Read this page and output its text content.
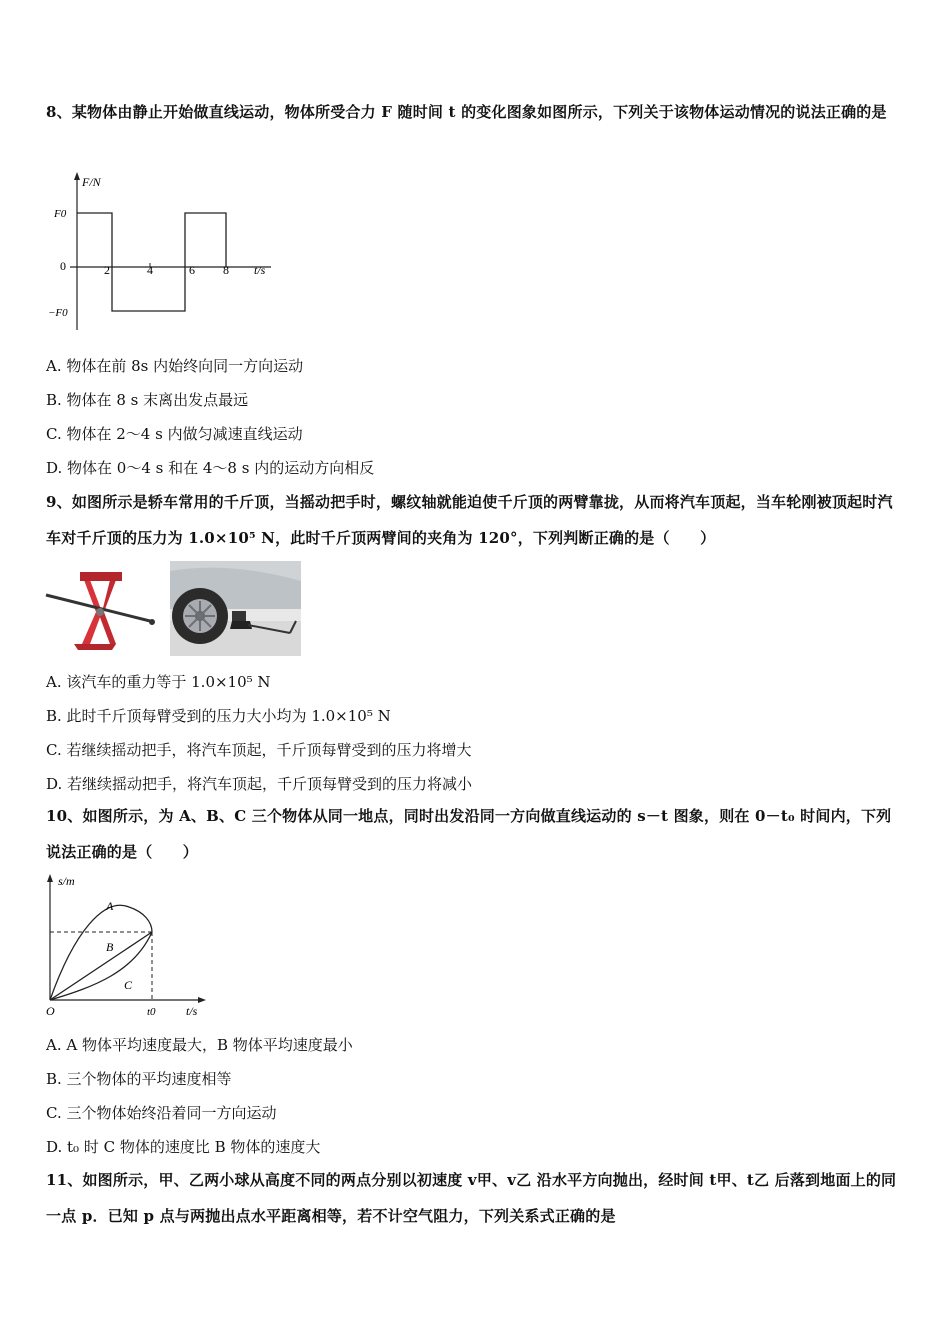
8、某物体由静止开始做直线运动，物体所受合力 F 随时间 t 的变化图象如图所示，下列关于该物体运动情况的说法正确的是
F/N
F0
0
−F0
2	4	6 8 t/s
A. 物体在前 8s 内始终向同一方向运动
B. 物体在 8 s 末离出发点最远
C. 物体在 2～4 s 内做匀减速直线运动
D. 物体在 0～4 s 和在 4～8 s 内的运动方向相反
9、如图所示是轿车常用的千斤顶，当摇动把手时，螺纹轴就能迫使千斤顶的两臂靠拢，从而将汽车顶起，当车轮刚被顶起时汽车对千斤顶的压力为 1.0×10⁵ N，此时千斤顶两臂间的夹角为 120°，下列判断正确的是（　　）
A. 该汽车的重力等于 1.0×10⁵ N
B. 此时千斤顶每臂受到的压力大小均为 1.0×10⁵ N
C. 若继续摇动把手，将汽车顶起，千斤顶每臂受到的压力将增大
D. 若继续摇动把手，将汽车顶起，千斤顶每臂受到的压力将减小
10、如图所示，为 A、B、C 三个物体从同一地点，同时出发沿同一方向做直线运动的 s－t 图象，则在 0－t₀ 时间内，下列说法正确的是（　　）
s/m
O	t0	t/s
A
B
C
A. A 物体平均速度最大，B 物体平均速度最小
B. 三个物体的平均速度相等
C. 三个物体始终沿着同一方向运动
D. t₀ 时 C 物体的速度比 B 物体的速度大
11、如图所示，甲、乙两小球从高度不同的两点分别以初速度 v甲、v乙 沿水平方向抛出，经时间 t甲、t乙 后落到地面上的同一点 p．已知 p 点与两抛出点水平距离相等，若不计空气阻力，下列关系式正确的是
